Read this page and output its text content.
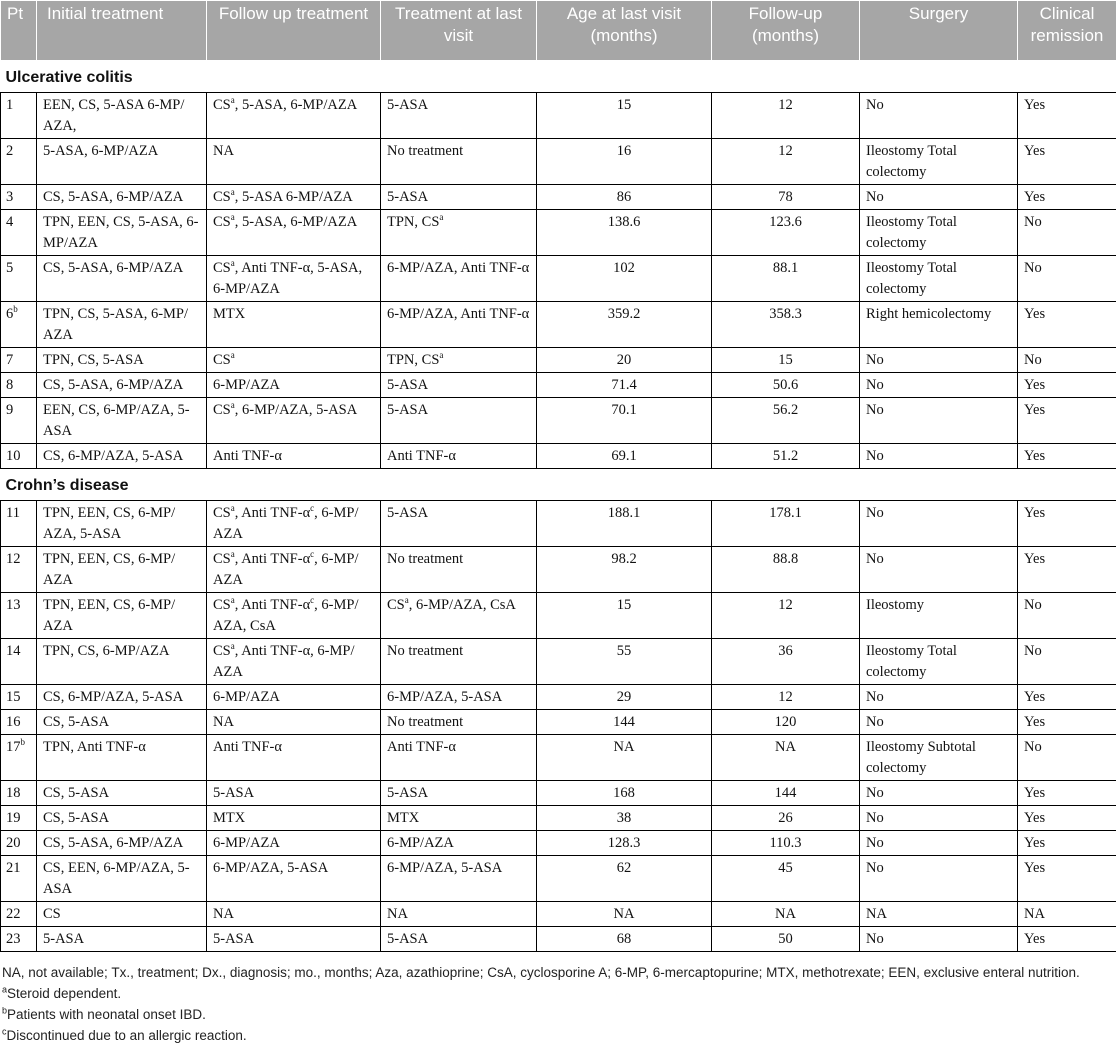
Pt	Initial treatment	Follow up treatment	Treatment at last visit	Age at last visit (months)	Follow-up (months)	Surgery	Clinical remission
Ulcerative colitis							
1	EEN, CS, 5-ASA 6-MP/ AZA,	$CS^a$, 5-ASA, 6-MP/AZA	5-ASA	15	12	No	Yes
2	5-ASA, 6-MP/AZA	NA	No treatment	16	12	Ileostomy Total colectomy	Yes
3	CS, 5-ASA, 6-MP/AZA	$CS^a$, 5-ASA 6-MP/AZA	5-ASA	86	78	No	Yes
4	TPN, EEN, CS, 5-ASA, 6-MP/AZA	$CS^a$, 5-ASA, 6-MP/AZA	TPN, $CS^a$	138.6	123.6	Ileostomy Total colectomy	No
5	CS, 5-ASA, 6-MP/AZA	$CS^a$, Anti TNF-α, 5-ASA, 6-MP/AZA	6-MP/AZA, Anti TNF-α	102	88.1	Ileostomy Total colectomy	No
6$^b$	TPN, CS, 5-ASA, 6-MP/ AZA	MTX	6-MP/AZA, Anti TNF-α	359.2	358.3	Right hemicolectomy	Yes
7	TPN, CS, 5-ASA	$CS^a$	TPN, $CS^a$	20	15	No	No
8	CS, 5-ASA, 6-MP/AZA	6-MP/AZA	5-ASA	71.4	50.6	No	Yes
9	EEN, CS, 6-MP/AZA, 5- ASA	$CS^a$, 6-MP/AZA, 5-ASA	5-ASA	70.1	56.2	No	Yes
10	CS, 6-MP/AZA, 5-ASA	Anti TNF-α	Anti TNF-α	69.1	51.2	No	Yes
Crohn’s disease							
11	TPN, EEN, CS, 6-MP/ AZA, 5-ASA	$CS^a$, Anti TNF-$\alpha^c$, 6-MP/ AZA	5-ASA	188.1	178.1	No	Yes
12	TPN, EEN, CS, 6-MP/ AZA	$CS^a$, Anti TNF-$\alpha^c$, 6-MP/ AZA	No treatment	98.2	88.8	No	Yes
13	TPN, EEN, CS, 6-MP/ AZA	$CS^a$, Anti TNF-$\alpha^c$, 6-MP/ AZA, CsA	$CS^a$, 6-MP/AZA, CsA	15	12	Ileostomy	No
14	TPN, CS, 6-MP/AZA	$CS^a$, Anti TNF-α, 6-MP/ AZA	No treatment	55	36	Ileostomy Total colectomy	No
15	CS, 6-MP/AZA, 5-ASA	6-MP/AZA	6-MP/AZA, 5-ASA	29	12	No	Yes
16	CS, 5-ASA	NA	No treatment	144	120	No	Yes
17$^b$	TPN, Anti TNF-α	Anti TNF-α	Anti TNF-α	NA	NA	Ileostomy Subtotal colectomy	No
18	CS, 5-ASA	5-ASA	5-ASA	168	144	No	Yes
19	CS, 5-ASA	MTX	MTX	38	26	No	Yes
20	CS, 5-ASA, 6-MP/AZA	6-MP/AZA	6-MP/AZA	128.3	110.3	No	Yes
21	CS, EEN, 6-MP/AZA, 5- ASA	6-MP/AZA, 5-ASA	6-MP/AZA, 5-ASA	62	45	No	Yes
22	CS	NA	NA	NA	NA	NA	NA
23	5-ASA	5-ASA	5-ASA	68	50	No	Yes

NA, not available; Tx., treatment; Dx., diagnosis; mo., months; Aza, azathioprine; CsA, cyclosporine A; 6-MP, 6-mercaptopurine; MTX, methotrexate; EEN, exclusive enteral nutrition.

$^a$Steroid dependent.

$^b$Patients with neonatal onset IBD.

$^c$Discontinued due to an allergic reaction.
